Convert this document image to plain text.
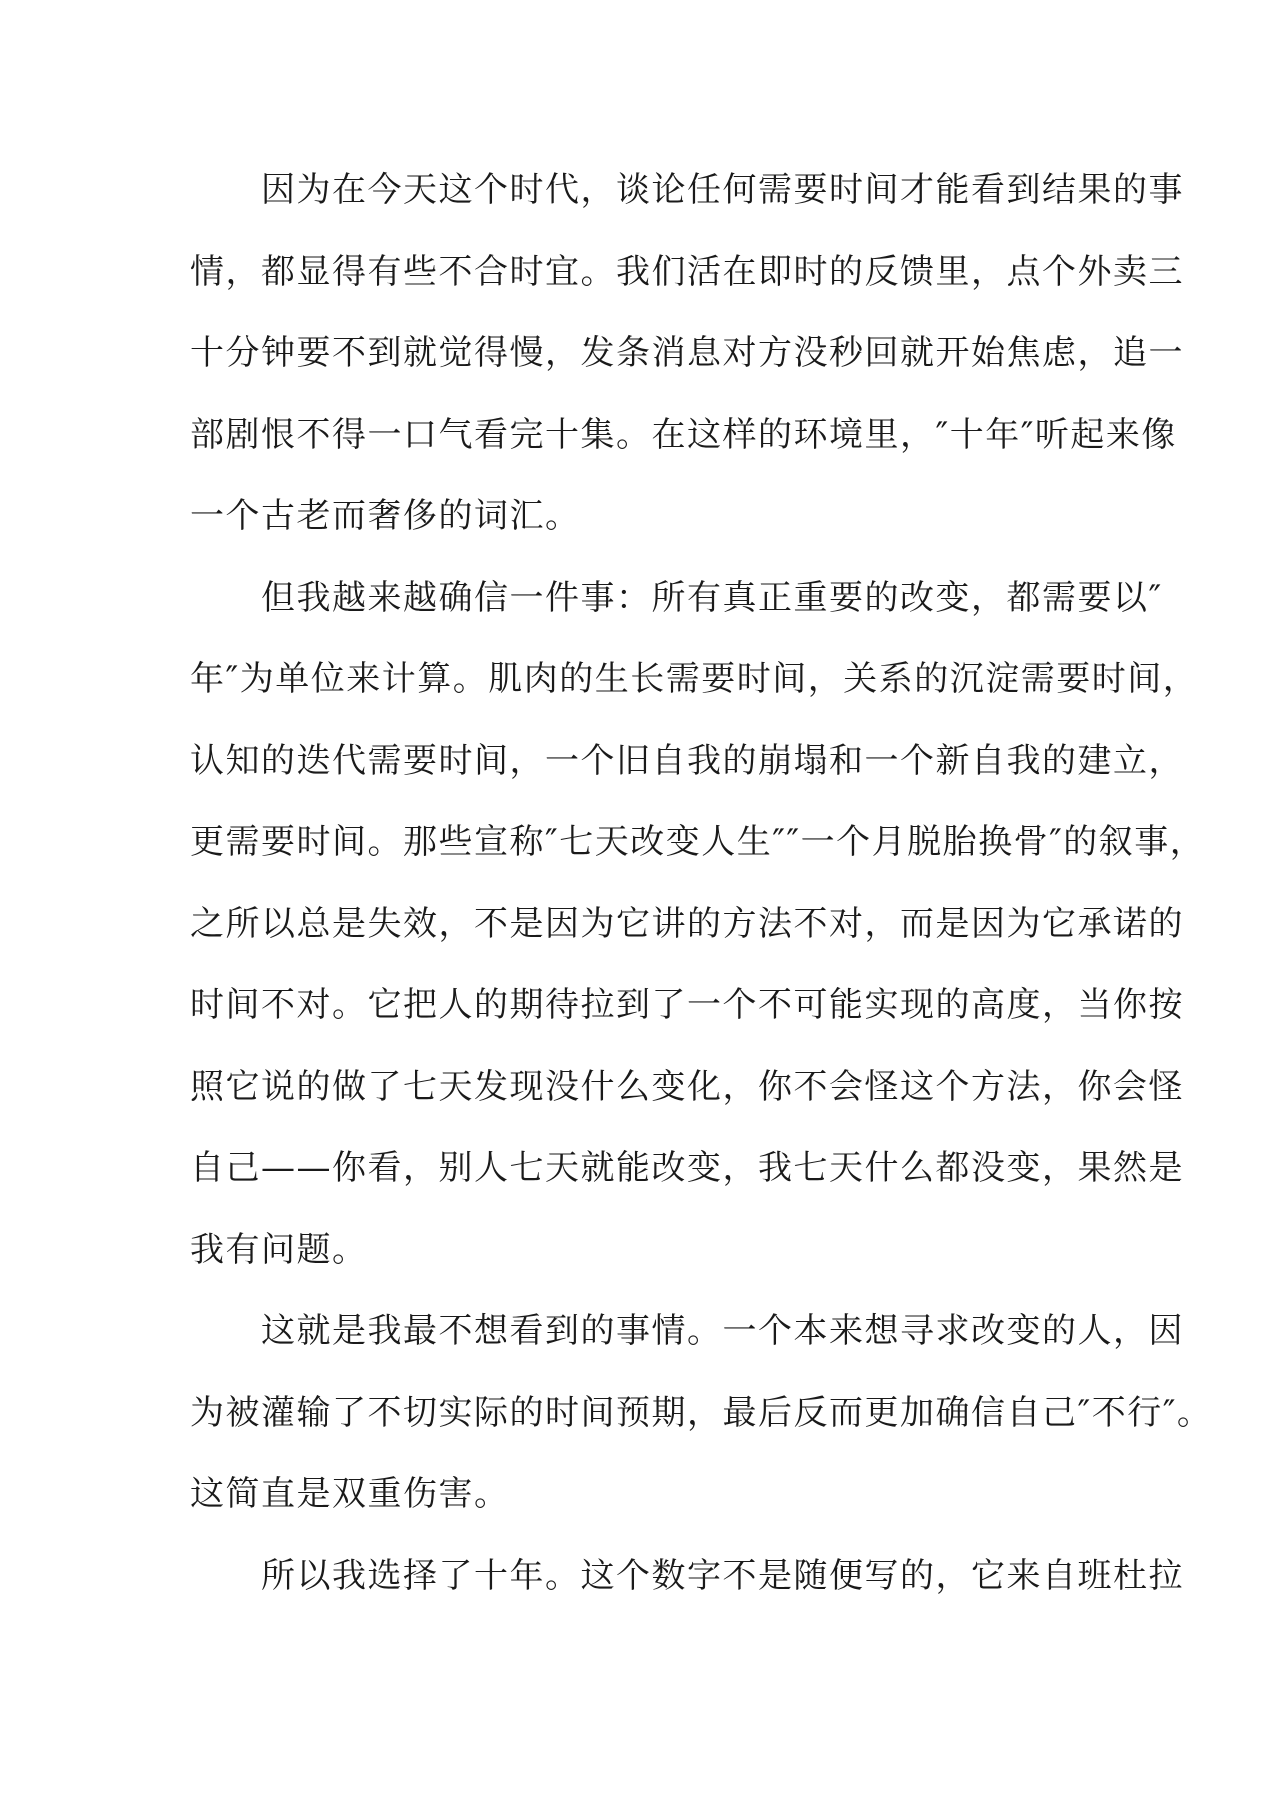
　　因为在今天这个时代，谈论任何需要时间才能看到结果的事
情，都显得有些不合时宜。我们活在即时的反馈里，点个外卖三
十分钟要不到就觉得慢，发条消息对方没秒回就开始焦虑，追一
部剧恨不得一口气看完十集。在这样的环境里，″十年″听起来像
一个古老而奢侈的词汇。
　　但我越来越确信一件事：所有真正重要的改变，都需要以″
年″为单位来计算。肌肉的生长需要时间，关系的沉淀需要时间，
认知的迭代需要时间，一个旧自我的崩塌和一个新自我的建立，
更需要时间。那些宣称″七天改变人生″″一个月脱胎换骨″的叙事，
之所以总是失效，不是因为它讲的方法不对，而是因为它承诺的
时间不对。它把人的期待拉到了一个不可能实现的高度，当你按
照它说的做了七天发现没什么变化，你不会怪这个方法，你会怪
自己——你看，别人七天就能改变，我七天什么都没变，果然是
我有问题。
　　这就是我最不想看到的事情。一个本来想寻求改变的人，因
为被灌输了不切实际的时间预期，最后反而更加确信自己″不行″。
这简直是双重伤害。
　　所以我选择了十年。这个数字不是随便写的，它来自班杜拉
